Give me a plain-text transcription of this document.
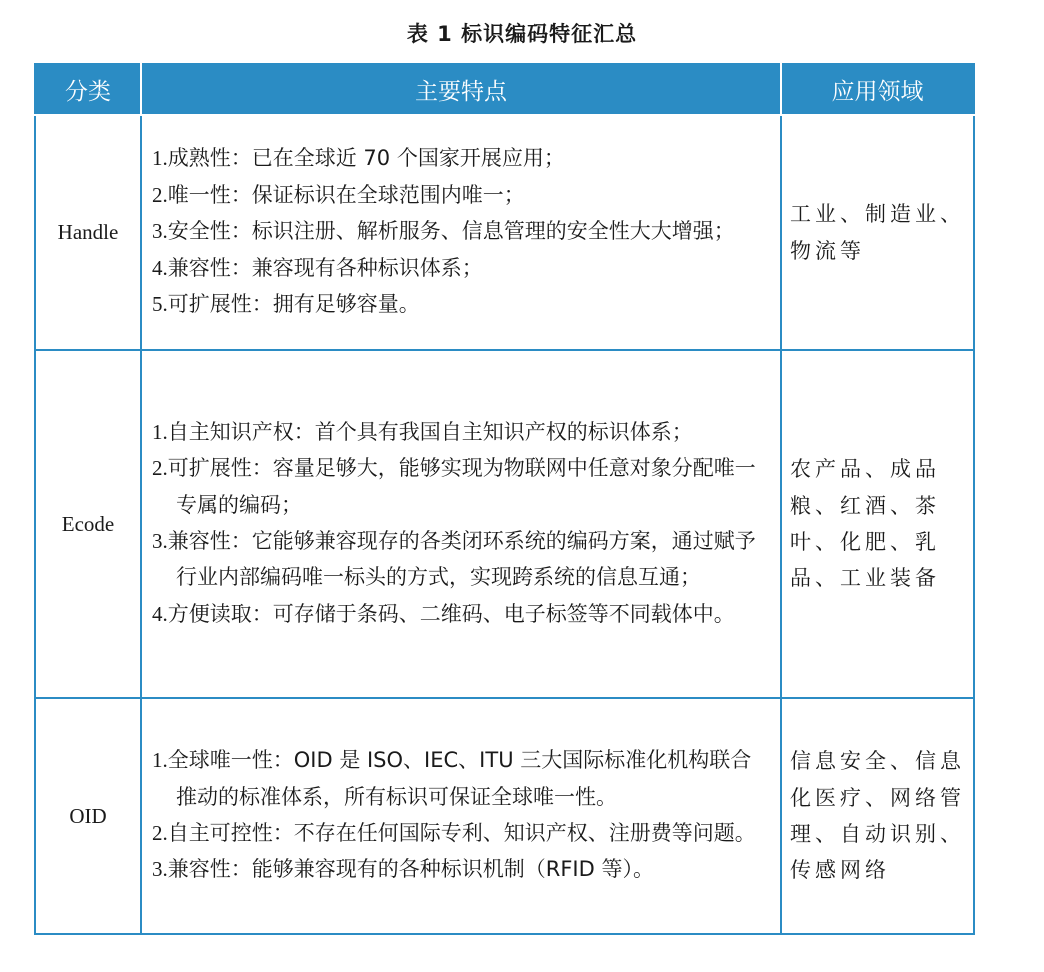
表 1 标识编码特征汇总
分类	主要特点	应用领域
Handle	1.成熟性：已在全球近 70 个国家开展应用；
2.唯一性：保证标识在全球范围内唯一；
3.安全性：标识注册、解析服务、信息管理的安全性大大增强；
4.兼容性：兼容现有各种标识体系；
5.可扩展性：拥有足够容量。	工业、制造业、物流等
Ecode	1.自主知识产权：首个具有我国自主知识产权的标识体系；
2.可扩展性：容量足够大，能够实现为物联网中任意对象分配唯一专属的编码；
3.兼容性：它能够兼容现存的各类闭环系统的编码方案，通过赋予行业内部编码唯一标头的方式，实现跨系统的信息互通；
4.方便读取：可存储于条码、二维码、电子标签等不同载体中。	农产品、成品粮、红酒、茶叶、化肥、乳品、工业装备
OID	1.全球唯一性：OID 是 ISO、IEC、ITU 三大国际标准化机构联合推动的标准体系，所有标识可保证全球唯一性。
2.自主可控性：不存在任何国际专利、知识产权、注册费等问题。
3.兼容性：能够兼容现有的各种标识机制（RFID 等）。	信息安全、信息化医疗、网络管理、自动识别、传感网络
